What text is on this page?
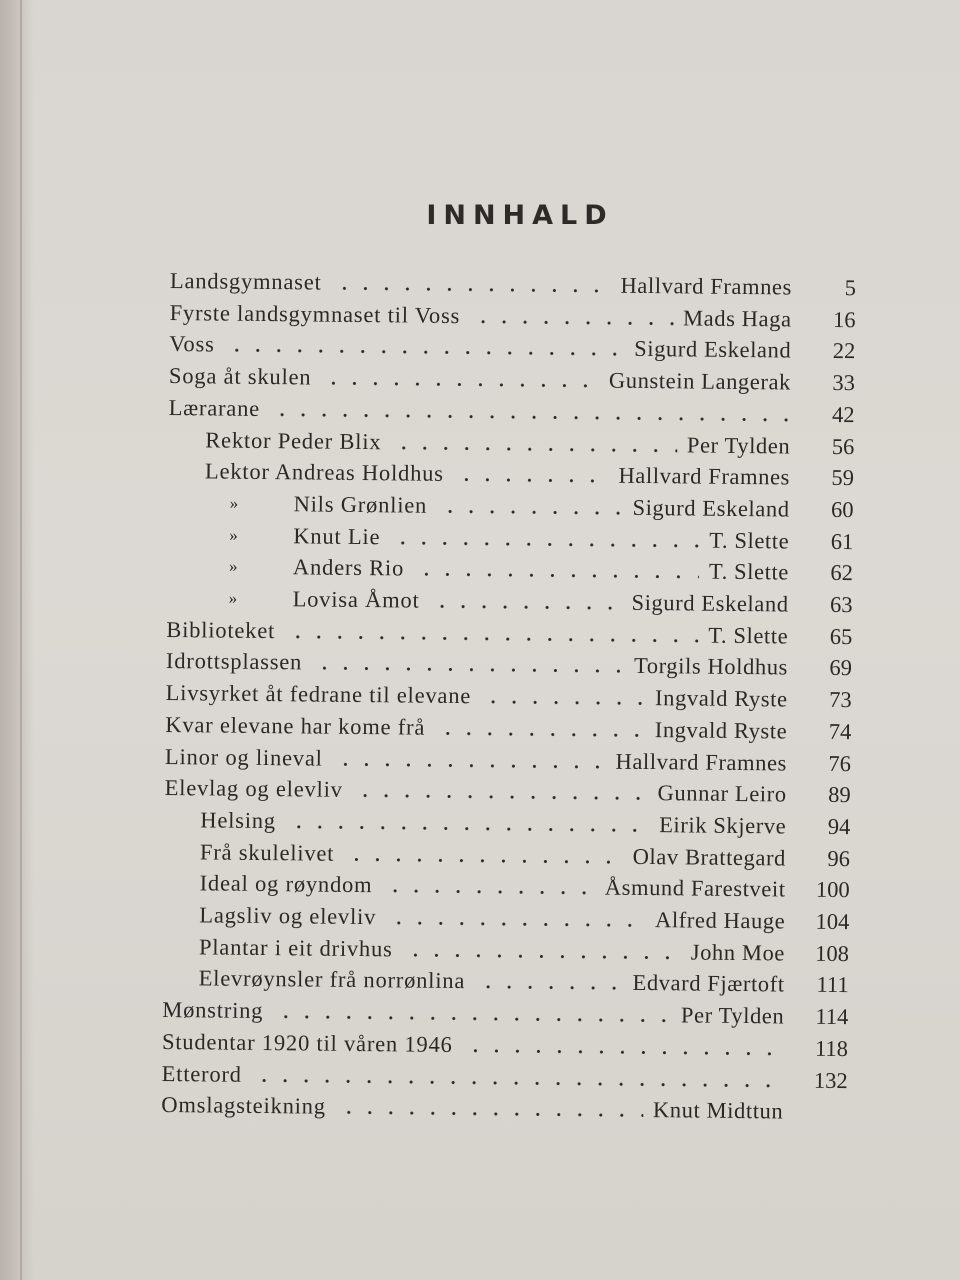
INNHALD
Landsgymnaset	Hallvard Framnes	5
Fyrste landsgymnaset til Voss	Mads Haga	16
Voss	Sigurd Eskeland	22
Soga åt skulen	Gunstein Langerak	33
Lærarane	42
Rektor Peder Blix	Per Tylden	56
Lektor Andreas Holdhus	Hallvard Framnes	59
» Nils Grønlien	Sigurd Eskeland	60
» Knut Lie	T. Slette	61
» Anders Rio	T. Slette	62
» Lovisa Åmot	Sigurd Eskeland	63
Biblioteket	T. Slette	65
Idrottsplassen	Torgils Holdhus	69
Livsyrket åt fedrane til elevane	Ingvald Ryste	73
Kvar elevane har kome frå	Ingvald Ryste	74
Linor og lineval	Hallvard Framnes	76
Elevlag og elevliv	Gunnar Leiro	89
Helsing	Eirik Skjerve	94
Frå skulelivet	Olav Brattegard	96
Ideal og røyndom	Åsmund Farestveit	100
Lagsliv og elevliv	Alfred Hauge	104
Plantar i eit drivhus	John Moe	108
Elevrøynsler frå norrønlina	Edvard Fjærtoft	111
Mønstring	Per Tylden	114
Studentar 1920 til våren 1946	118
Etterord	132
Omslagsteikning	Knut Midttun
